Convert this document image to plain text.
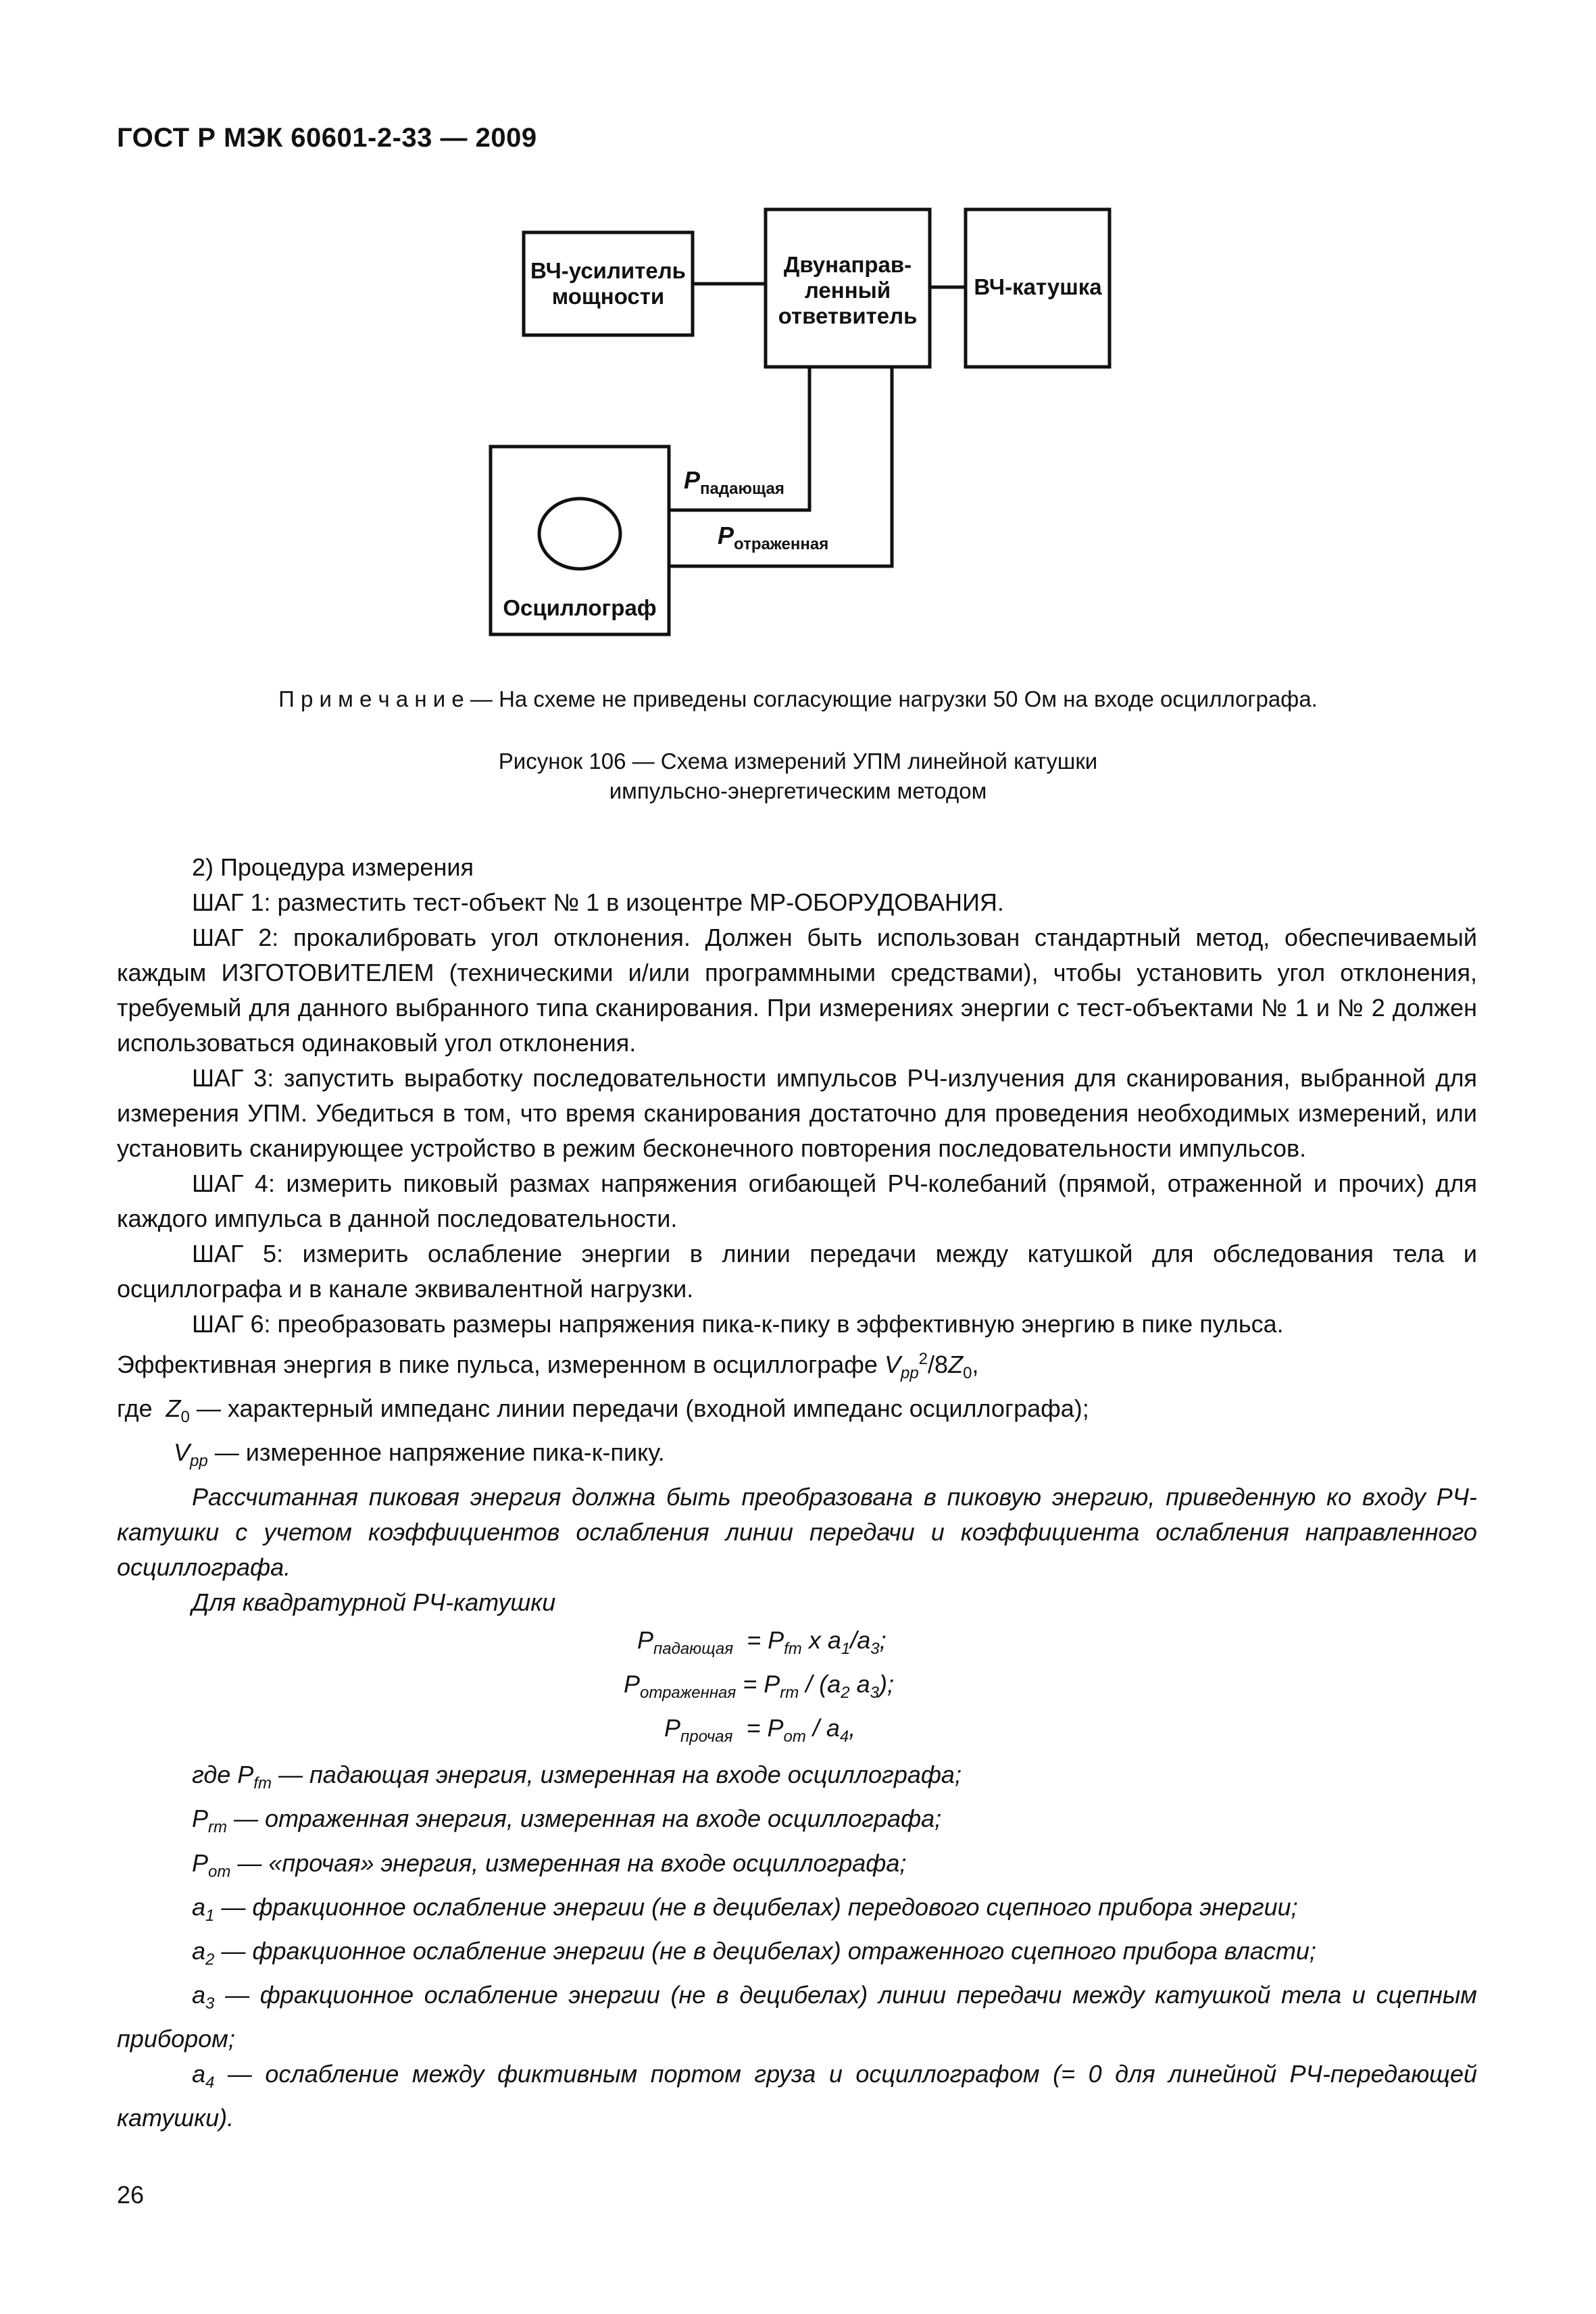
ГОСТ Р МЭК 60601-2-33 — 2009
ВЧ-усилитель мощности
Двунаправ-ленный ответвитель
ВЧ-катушка
Осциллограф
$P_{падающая}$
$P_{отраженная}$
П р и м е ч а н и е — На схеме не приведены согласующие нагрузки 50 Ом на входе осциллографа.
Рисунок 106 — Схема измерений УПМ линейной катушки
импульсно-энергетическим методом

2) Процедура измерения

ШАГ 1: разместить тест-объект № 1 в изоцентре МР-ОБОРУДОВАНИЯ.

ШАГ 2: прокалибровать угол отклонения. Должен быть использован стандартный метод, обеспечиваемый каждым ИЗГОТОВИТЕЛЕМ (техническими и/или программными средствами), чтобы установить угол отклонения, требуемый для данного выбранного типа сканирования. При измерениях энергии с тест-объектами № 1 и № 2 должен использоваться одинаковый угол отклонения.

ШАГ 3: запустить выработку последовательности импульсов РЧ-излучения для сканирования, выбранной для измерения УПМ. Убедиться в том, что время сканирования достаточно для проведения необходимых измерений, или установить сканирующее устройство в режим бесконечного повторения последовательности импульсов.

ШАГ 4: измерить пиковый размах напряжения огибающей РЧ-колебаний (прямой, отраженной и прочих) для каждого импульса в данной последовательности.

ШАГ 5: измерить ослабление энергии в линии передачи между катушкой для обследования тела и осциллографа и в канале эквивалентной нагрузки.

ШАГ 6: преобразовать размеры напряжения пика-к-пику в эффективную энергию в пике пульса.

Эффективная энергия в пике пульса, измеренном в осциллографе $V_{pp}^2/8Z_0$,

где  $Z_0$ — характерный импеданс линии передачи (входной импеданс осциллографа);

$V_{pp}$ — измеренное напряжение пика-к-пику.

Рассчитанная пиковая энергия должна быть преобразована в пиковую энергию, приведенную ко входу РЧ-катушки с учетом коэффициентов ослабления линии передачи и коэффициента ослабления направленного осциллографа.

Для квадратурной РЧ-катушки

$P_{падающая} = P_{fm}$ x $a_1/a_3$;
$P_{отраженная} = P_{rm} / (a_2$ $a_3$);
$P_{прочая} = P_{om} / a_4$,

где $P_{fm}$ — падающая энергия, измеренная на входе осциллографа;

$P_{rm}$ — отраженная энергия, измеренная на входе осциллографа;

$P_{om}$ — «прочая» энергия, измеренная на входе осциллографа;

$a_1$ — фракционное ослабление энергии (не в децибелах) передового сцепного прибора энергии;

$a_2$ — фракционное ослабление энергии (не в децибелах) отраженного сцепного прибора власти;

$a_3$ — фракционное ослабление энергии (не в децибелах) линии передачи между катушкой тела и сцепным прибором;

$a_4$ — ослабление между фиктивным портом груза и осциллографом (= 0 для линейной РЧ-передающей катушки).

26
